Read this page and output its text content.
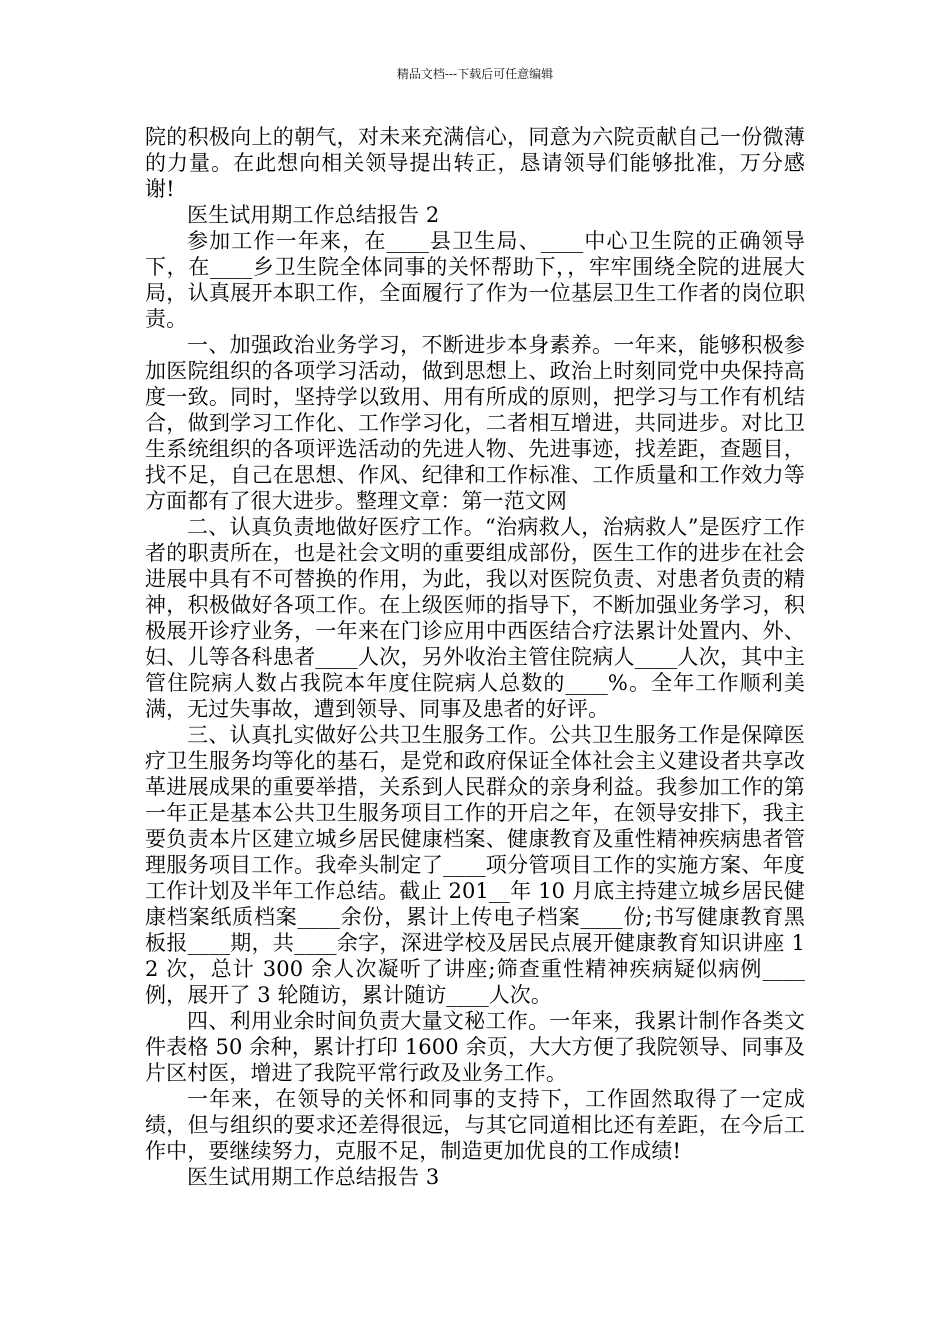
精品文档---下载后可任意编辑

院的积极向上的朝气，对未来充满信心，同意为六院贡献自己一份微薄的力量。在此想向相关领导提出转正，恳请领导们能够批准，万分感谢!

医生试用期工作总结报告 2

参加工作一年来，在____县卫生局、____中心卫生院的正确领导下，在____乡卫生院全体同事的关怀帮助下，，牢牢围绕全院的进展大局，认真展开本职工作，全面履行了作为一位基层卫生工作者的岗位职责。

一、加强政治业务学习，不断进步本身素养。一年来，能够积极参加医院组织的各项学习活动，做到思想上、政治上时刻同党中央保持高度一致。同时，坚持学以致用、用有所成的原则，把学习与工作有机结合，做到学习工作化、工作学习化，二者相互增进，共同进步。对比卫生系统组织的各项评选活动的先进人物、先进事迹，找差距，查题目，找不足，自己在思想、作风、纪律和工作标准、工作质量和工作效力等方面都有了很大进步。整理文章：第一范文网

二、认真负责地做好医疗工作。“治病救人，治病救人”是医疗工作者的职责所在，也是社会文明的重要组成部份，医生工作的进步在社会进展中具有不可替换的作用，为此，我以对医院负责、对患者负责的精神，积极做好各项工作。在上级医师的指导下，不断加强业务学习，积极展开诊疗业务，一年来在门诊应用中西医结合疗法累计处置内、外、妇、儿等各科患者____人次，另外收治主管住院病人____人次，其中主管住院病人数占我院本年度住院病人总数的____%。全年工作顺利美满，无过失事故，遭到领导、同事及患者的好评。

三、认真扎实做好公共卫生服务工作。公共卫生服务工作是保障医疗卫生服务均等化的基石，是党和政府保证全体社会主义建设者共享改革进展成果的重要举措，关系到人民群众的亲身利益。我参加工作的第一年正是基本公共卫生服务项目工作的开启之年，在领导安排下，我主要负责本片区建立城乡居民健康档案、健康教育及重性精神疾病患者管理服务项目工作。我牵头制定了____项分管项目工作的实施方案、年度工作计划及半年工作总结。截止 201__年 10 月底主持建立城乡居民健康档案纸质档案____余份，累计上传电子档案____份;书写健康教育黑板报____期，共____余字，深进学校及居民点展开健康教育知识讲座 12 次，总计 300 余人次凝听了讲座;筛查重性精神疾病疑似病例____例，展开了 3 轮随访，累计随访____人次。

四、利用业余时间负责大量文秘工作。一年来，我累计制作各类文件表格 50 余种，累计打印 1600 余页，大大方便了我院领导、同事及片区村医，增进了我院平常行政及业务工作。

一年来，在领导的关怀和同事的支持下，工作固然取得了一定成绩，但与组织的要求还差得很远，与其它同道相比还有差距，在今后工作中，要继续努力，克服不足，制造更加优良的工作成绩!

医生试用期工作总结报告 3
